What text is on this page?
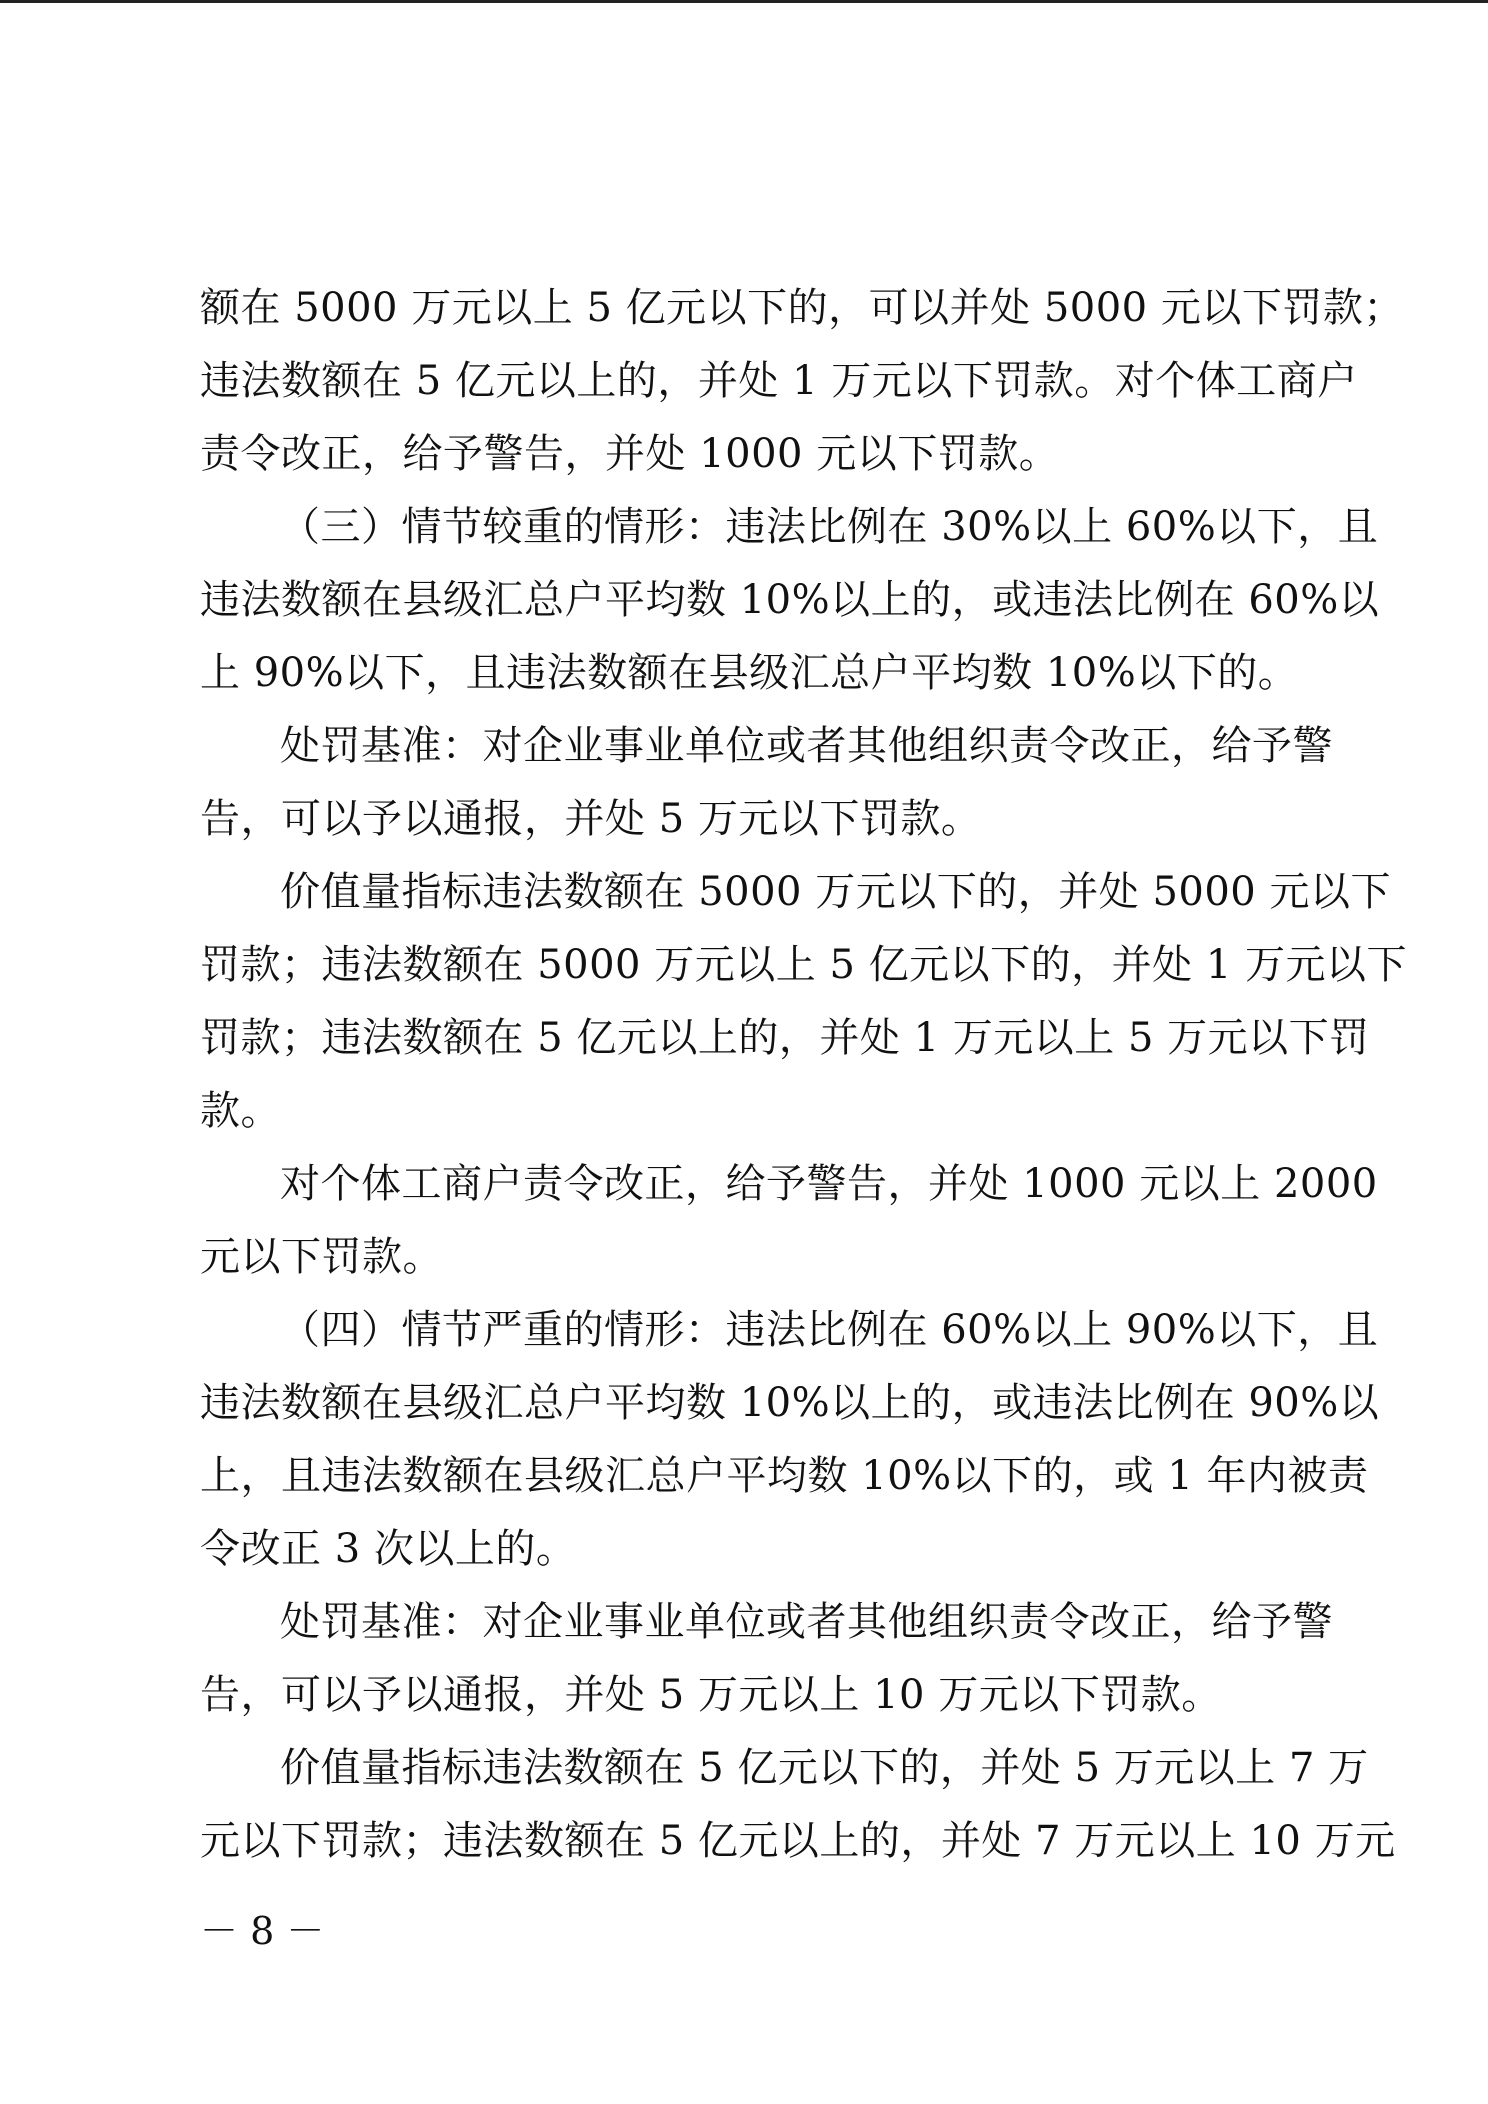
额在 5000 万元以上 5 亿元以下的，可以并处 5000 元以下罚款；
违法数额在 5 亿元以上的，并处 1 万元以下罚款。对个体工商户
责令改正，给予警告，并处 1000 元以下罚款。
（三）情节较重的情形：违法比例在 30%以上 60%以下，且
违法数额在县级汇总户平均数 10%以上的，或违法比例在 60%以
上 90%以下，且违法数额在县级汇总户平均数 10%以下的。
处罚基准：对企业事业单位或者其他组织责令改正，给予警
告，可以予以通报，并处 5 万元以下罚款。
价值量指标违法数额在 5000 万元以下的，并处 5000 元以下
罚款；违法数额在 5000 万元以上 5 亿元以下的，并处 1 万元以下
罚款；违法数额在 5 亿元以上的，并处 1 万元以上 5 万元以下罚
款。
对个体工商户责令改正，给予警告，并处 1000 元以上 2000
元以下罚款。
（四）情节严重的情形：违法比例在 60%以上 90%以下，且
违法数额在县级汇总户平均数 10%以上的，或违法比例在 90%以
上，且违法数额在县级汇总户平均数 10%以下的，或 1 年内被责
令改正 3 次以上的。
处罚基准：对企业事业单位或者其他组织责令改正，给予警
告，可以予以通报，并处 5 万元以上 10 万元以下罚款。
价值量指标违法数额在 5 亿元以下的，并处 5 万元以上 7 万
元以下罚款；违法数额在 5 亿元以上的，并处 7 万元以上 10 万元
－ 8 －
